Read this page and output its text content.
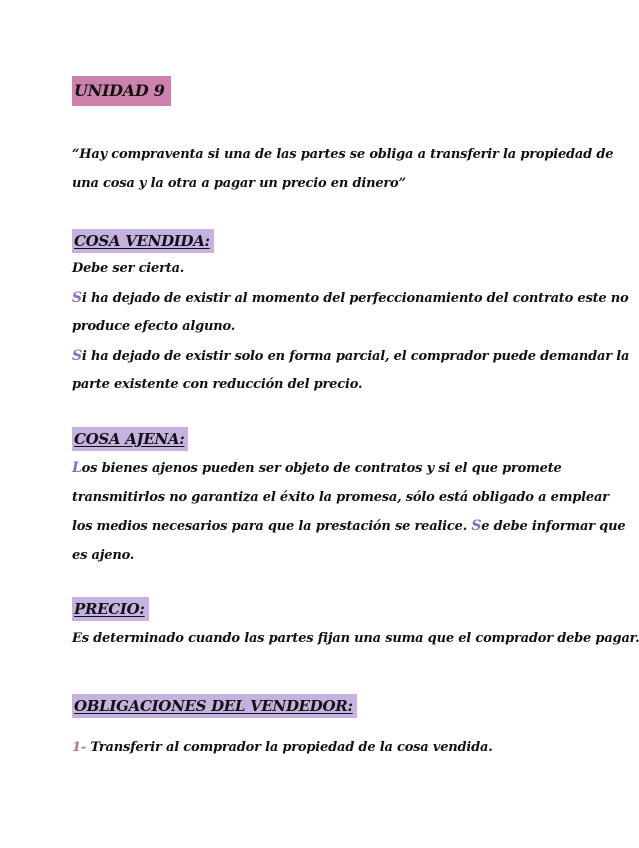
UNIDAD 9

“Hay compraventa si una de las partes se obliga a transferir la propiedad de

una cosa y la otra a pagar un precio en dinero”

COSA VENDIDA:

Debe ser cierta.

Si ha dejado de existir al momento del perfeccionamiento del contrato este no

produce efecto alguno.

Si ha dejado de existir solo en forma parcial, el comprador puede demandar la

parte existente con reducción del precio.

COSA AJENA:

Los bienes ajenos pueden ser objeto de contratos y si el que promete

transmitirlos no garantiza el éxito la promesa, sólo está obligado a emplear

los medios necesarios para que la prestación se realice. Se debe informar que

es ajeno.

PRECIO:

Es determinado cuando las partes fijan una suma que el comprador debe pagar.

OBLIGACIONES DEL VENDEDOR:

1- Transferir al comprador la propiedad de la cosa vendida.
